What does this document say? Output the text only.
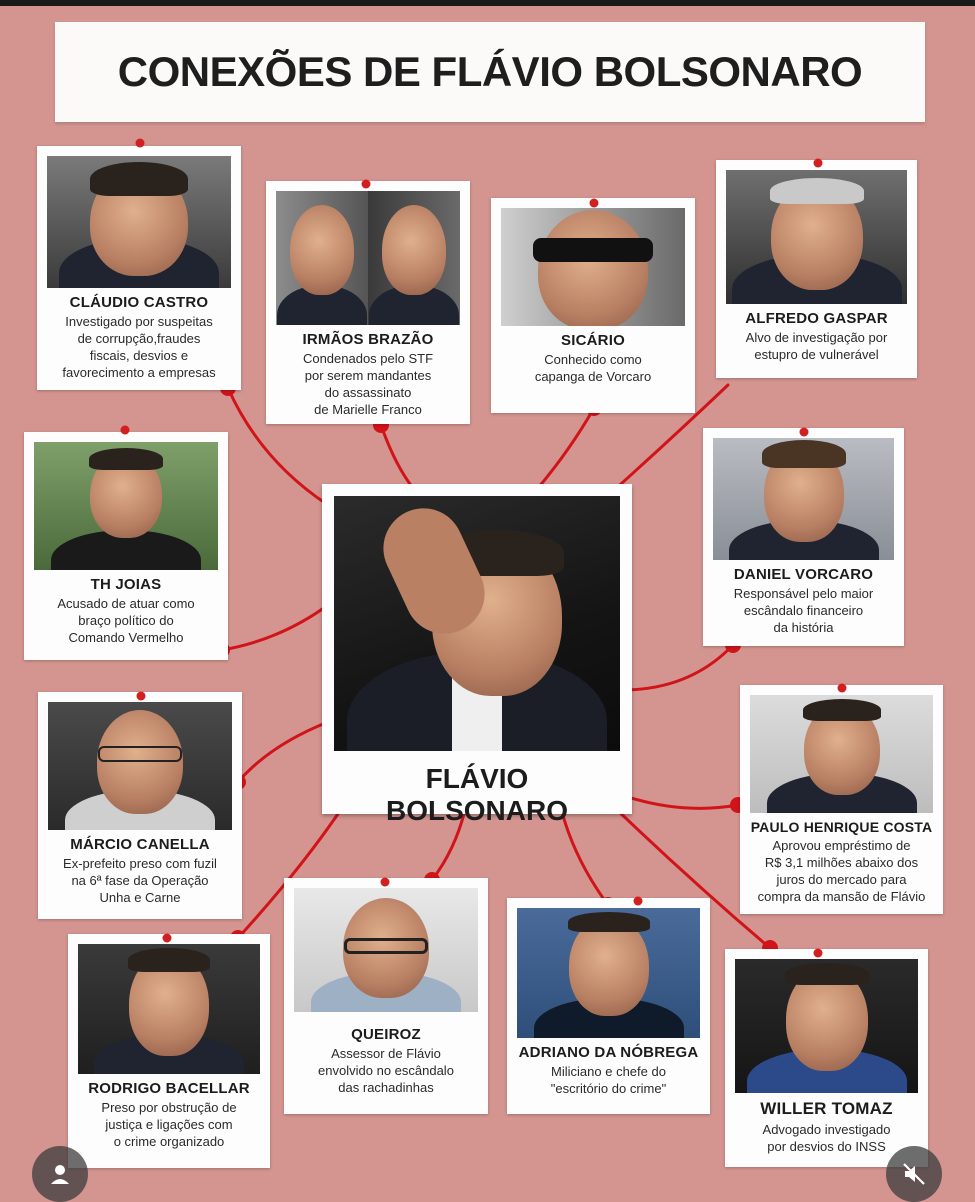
CONEXÕES DE FLÁVIO BOLSONARO
CLÁUDIO CASTRO
Investigado por suspeitas
de corrupção,fraudes
fiscais, desvios e
favorecimento a empresas
IRMÃOS BRAZÃO
Condenados pelo STF
por serem mandantes
do assassinato
de Marielle Franco
SICÁRIO
Conhecido como
capanga de Vorcaro
ALFREDO GASPAR
Alvo de investigação por
estupro de vulnerável
TH JOIAS
Acusado de atuar como
braço político do
Comando Vermelho
DANIEL VORCARO
Responsável pelo maior
escândalo financeiro
da história
MÁRCIO CANELLA
Ex-prefeito preso com fuzil
na 6ª fase da Operação
Unha e Carne
PAULO HENRIQUE COSTA
Aprovou empréstimo de
R$ 3,1 milhões abaixo dos
juros do mercado para
compra da mansão de Flávio
RODRIGO BACELLAR
Preso por obstrução de
justiça e ligações com
o crime organizado
QUEIROZ
Assessor de Flávio
envolvido no escândalo
das rachadinhas
ADRIANO DA NÓBREGA
Miliciano e chefe do
"escritório do crime"
WILLER TOMAZ
Advogado investigado
por desvios do INSS
FLÁVIO BOLSONARO
